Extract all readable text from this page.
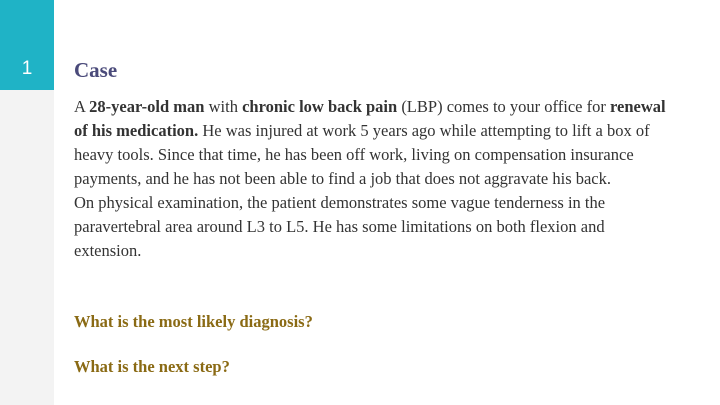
1	Case

A 28-year-old man with chronic low back pain (LBP) comes to your office for renewal of his medication. He was injured at work 5 years ago while attempting to lift a box of heavy tools. Since that time, he has been off work, living on compensation insurance payments, and he has not been able to find a job that does not aggravate his back.

On physical examination, the patient demonstrates some vague tenderness in the paravertebral area around L3 to L5. He has some limitations on both flexion and extension.

What is the most likely diagnosis?

What is the next step?
